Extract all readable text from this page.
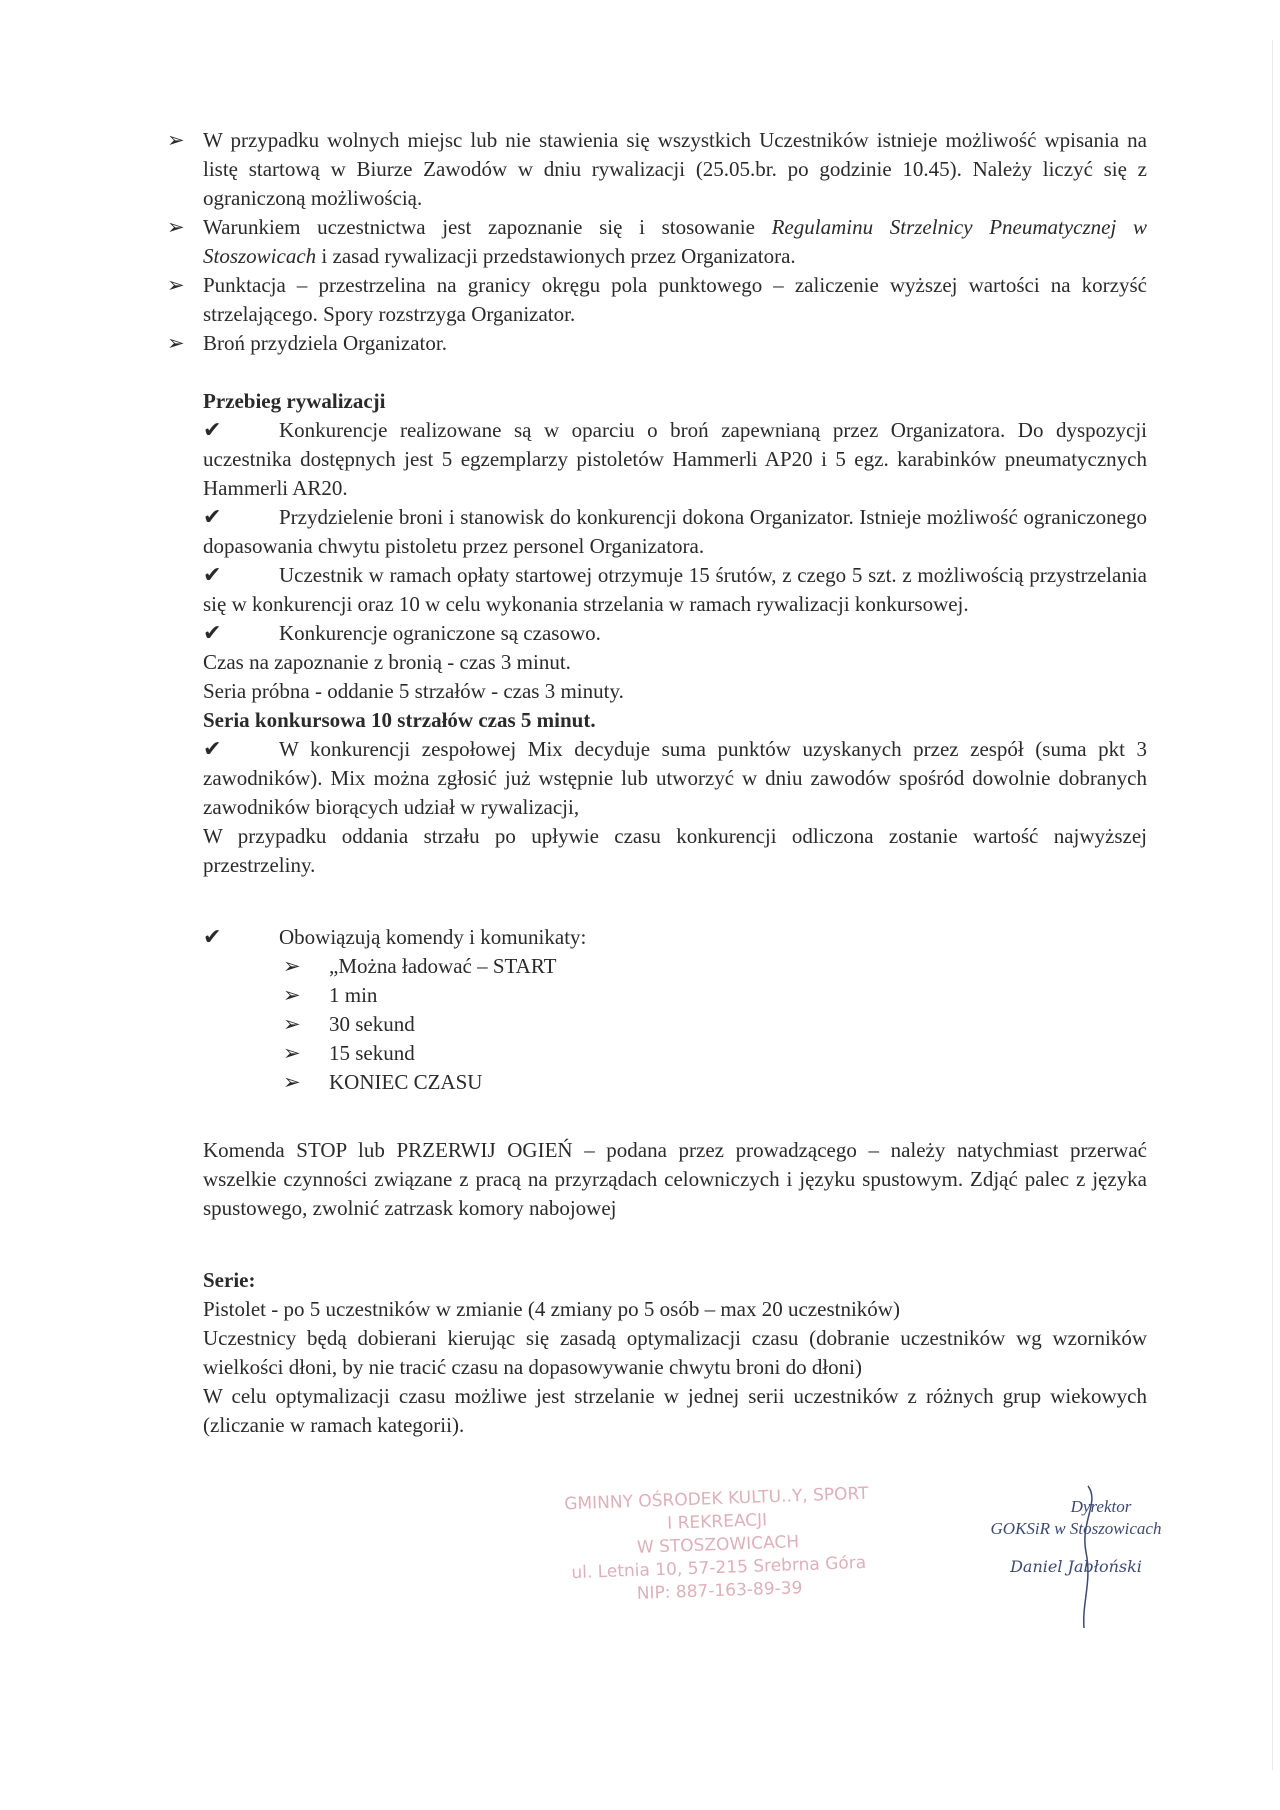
➢ W przypadku wolnych miejsc lub nie stawienia się wszystkich Uczestników istnieje możliwość wpisania na listę startową w Biurze Zawodów w dniu rywalizacji (25.05.br. po godzinie 10.45). Należy liczyć się z ograniczoną możliwością.
➢ Warunkiem uczestnictwa jest zapoznanie się i stosowanie Regulaminu Strzelnicy Pneumatycznej w Stoszowicach i zasad rywalizacji przedstawionych przez Organizatora.
➢ Punktacja – przestrzelina na granicy okręgu pola punktowego – zaliczenie wyższej wartości na korzyść strzelającego. Spory rozstrzyga Organizator.
➢ Broń przydziela Organizator.
Przebieg rywalizacji
✔	Konkurencje realizowane są w oparciu o broń zapewnianą przez Organizatora. Do dyspozycji uczestnika dostępnych jest 5 egzemplarzy pistoletów Hammerli AP20 i 5 egz. karabinków pneumatycznych Hammerli AR20.
✔	Przydzielenie broni i stanowisk do konkurencji dokona Organizator. Istnieje możliwość ograniczonego dopasowania chwytu pistoletu przez personel Organizatora.
✔	Uczestnik w ramach opłaty startowej otrzymuje 15 śrutów, z czego 5 szt. z możliwością przystrzelania się w konkurencji oraz 10 w celu wykonania strzelania w ramach rywalizacji konkursowej.
✔	Konkurencje ograniczone są czasowo.
Czas na zapoznanie z bronią - czas 3 minut.
Seria próbna - oddanie 5 strzałów - czas 3 minuty.
Seria konkursowa 10 strzałów czas 5 minut.
✔	W konkurencji zespołowej Mix decyduje suma punktów uzyskanych przez zespół (suma pkt 3 zawodników). Mix można zgłosić już wstępnie lub utworzyć w dniu zawodów spośród dowolnie dobranych zawodników biorących udział w rywalizacji,
W przypadku oddania strzału po upływie czasu konkurencji odliczona zostanie wartość najwyższej przestrzeliny.
✔	Obowiązują komendy i komunikaty:
➢	„Można ładować – START
➢	1 min
➢	30 sekund
➢	15 sekund
➢	KONIEC CZASU
Komenda STOP lub PRZERWIJ OGIEŃ – podana przez prowadzącego – należy natychmiast przerwać wszelkie czynności związane z pracą na przyrządach celowniczych i języku spustowym. Zdjąć palec z języka spustowego, zwolnić zatrzask komory nabojowej
Serie:
Pistolet - po 5 uczestników w zmianie (4 zmiany po 5 osób – max 20 uczestników)
Uczestnicy będą dobierani kierując się zasadą optymalizacji czasu (dobranie uczestników wg wzorników wielkości dłoni, by nie tracić czasu na dopasowywanie chwytu broni do dłoni)
W celu optymalizacji czasu możliwe jest strzelanie w jednej serii uczestników z różnych grup wiekowych (zliczanie w ramach kategorii).
GMINNY OŚRODEK KULTU..Y, SPORT
I REKREACJI
W STOSZOWICACH
ul. Letnia 10, 57-215 Srebrna Góra
NIP: 887-163-89-39
Dyrektor
GOKSiR w Stoszowicach
Daniel Jabłoński
